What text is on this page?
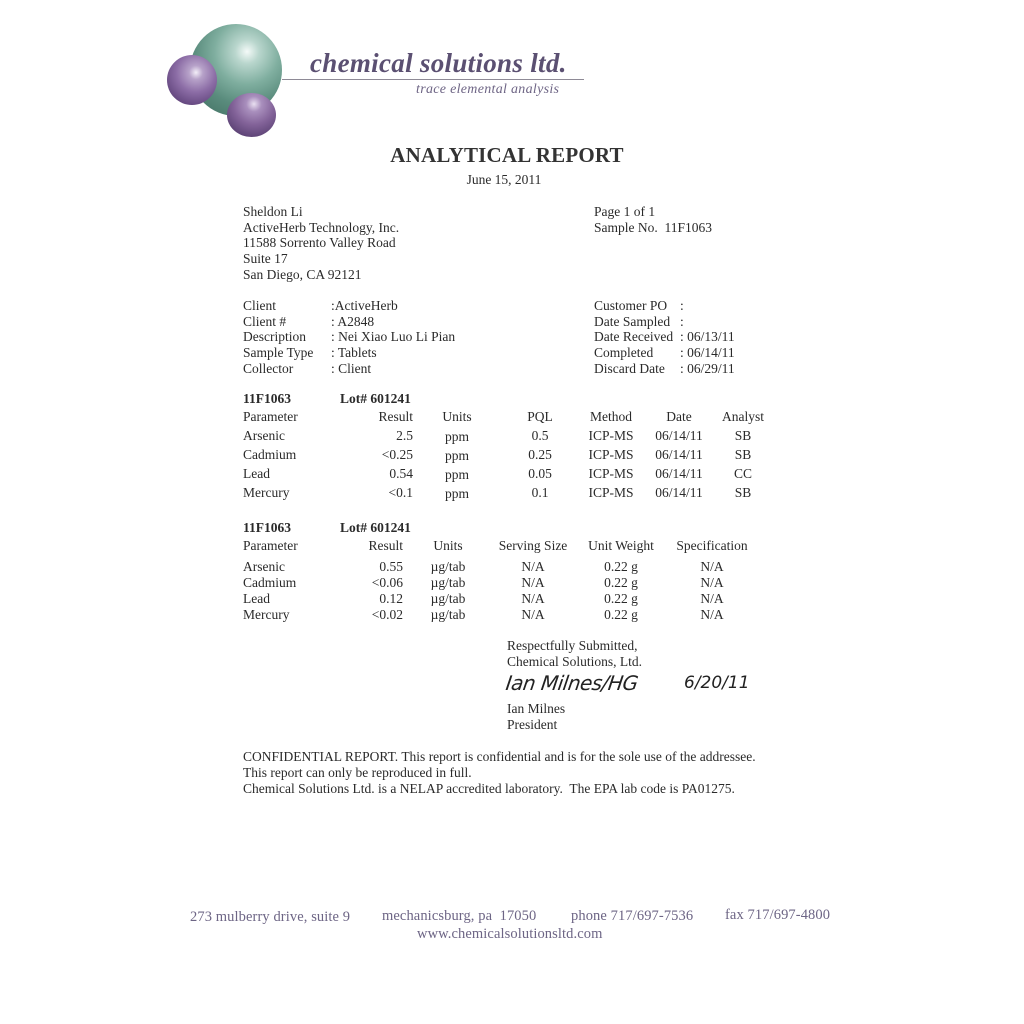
chemical solutions ltd.
trace elemental analysis
ANALYTICAL REPORT
June 15, 2011
Sheldon Li
ActiveHerb Technology, Inc.
11588 Sorrento Valley Road
Suite 17
San Diego, CA 92121
Page 1 of 1
Sample No.  11F1063
Client	:ActiveHerb
Client #	: A2848
Description : Nei Xiao Luo Li Pian
Sample Type : Tablets
Collector	: Client
Customer PO :
Date Sampled :
Date Received : 06/13/11
Completed : 06/14/11
Discard Date : 06/29/11
11F1063	Lot# 601241
Parameter	Result	Units	PQL	Method	Date	Analyst
Arsenic	2.5	ppm	0.5	ICP-MS	06/14/11	SB
Cadmium	<0.25	ppm	0.25	ICP-MS	06/14/11	SB
Lead	0.54	ppm	0.05	ICP-MS	06/14/11	CC
Mercury	<0.1	ppm	0.1	ICP-MS	06/14/11	SB
11F1063	Lot# 601241
Parameter	Result	Units	Serving Size	Unit Weight	Specification
Arsenic	0.55	µg/tab	N/A	0.22 g	N/A
Cadmium	<0.06	µg/tab	N/A	0.22 g	N/A
Lead	0.12	µg/tab	N/A	0.22 g	N/A
Mercury	<0.02	µg/tab	N/A	0.22 g	N/A
Respectfully Submitted,
Chemical Solutions, Ltd.
Ian Milnes/HG	6/20/11
Ian Milnes
President
CONFIDENTIAL REPORT. This report is confidential and is for the sole use of the addressee.
This report can only be reproduced in full.
Chemical Solutions Ltd. is a NELAP accredited laboratory.  The EPA lab code is PA01275.
273 mulberry drive, suite 9 mechanicsburg, pa  17050 phone 717/697-7536 fax 717/697-4800
www.chemicalsolutionsltd.com
